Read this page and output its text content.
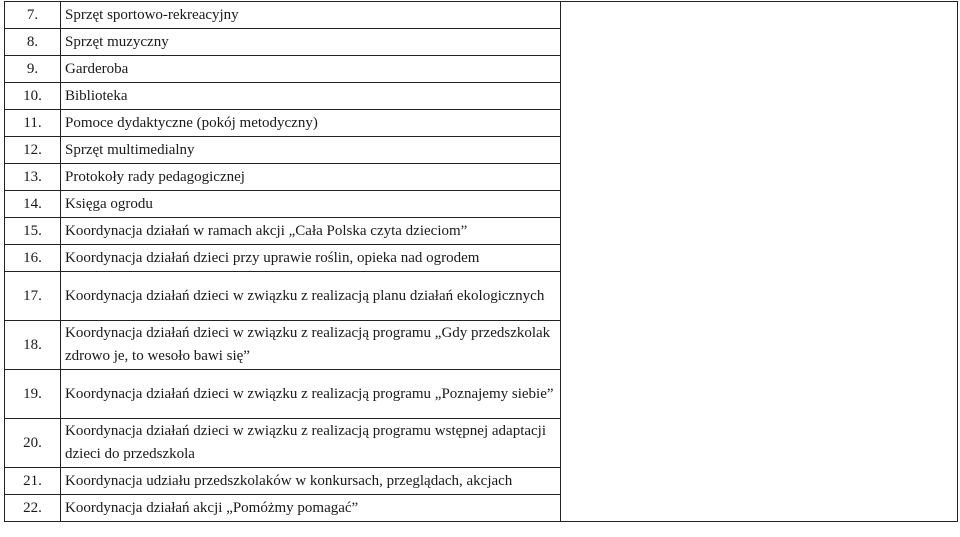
7.	Sprzęt sportowo-rekreacyjny	
8.	Sprzęt muzyczny	
9.	Garderoba	
10.	Biblioteka	
11.	Pomoce dydaktyczne (pokój metodyczny)	
12.	Sprzęt multimedialny	
13.	Protokoły rady pedagogicznej	
14.	Księga ogrodu	
15.	Koordynacja działań w ramach akcji „Cała Polska czyta dzieciom”	
16.	Koordynacja działań dzieci przy uprawie roślin, opieka nad ogrodem	
17.	Koordynacja działań dzieci w związku z realizacją planu działań ekologicznych	
18.	Koordynacja działań dzieci w związku z realizacją programu „Gdy przedszkolak zdrowo je, to wesoło bawi się”	
19.	Koordynacja działań dzieci w związku z realizacją programu „Poznajemy siebie”	
20.	Koordynacja działań dzieci w związku z realizacją programu wstępnej adaptacji dzieci do przedszkola	
21.	Koordynacja udziału przedszkolaków w konkursach, przeglądach, akcjach	
22.	Koordynacja działań akcji „Pomóżmy pomagać”	
